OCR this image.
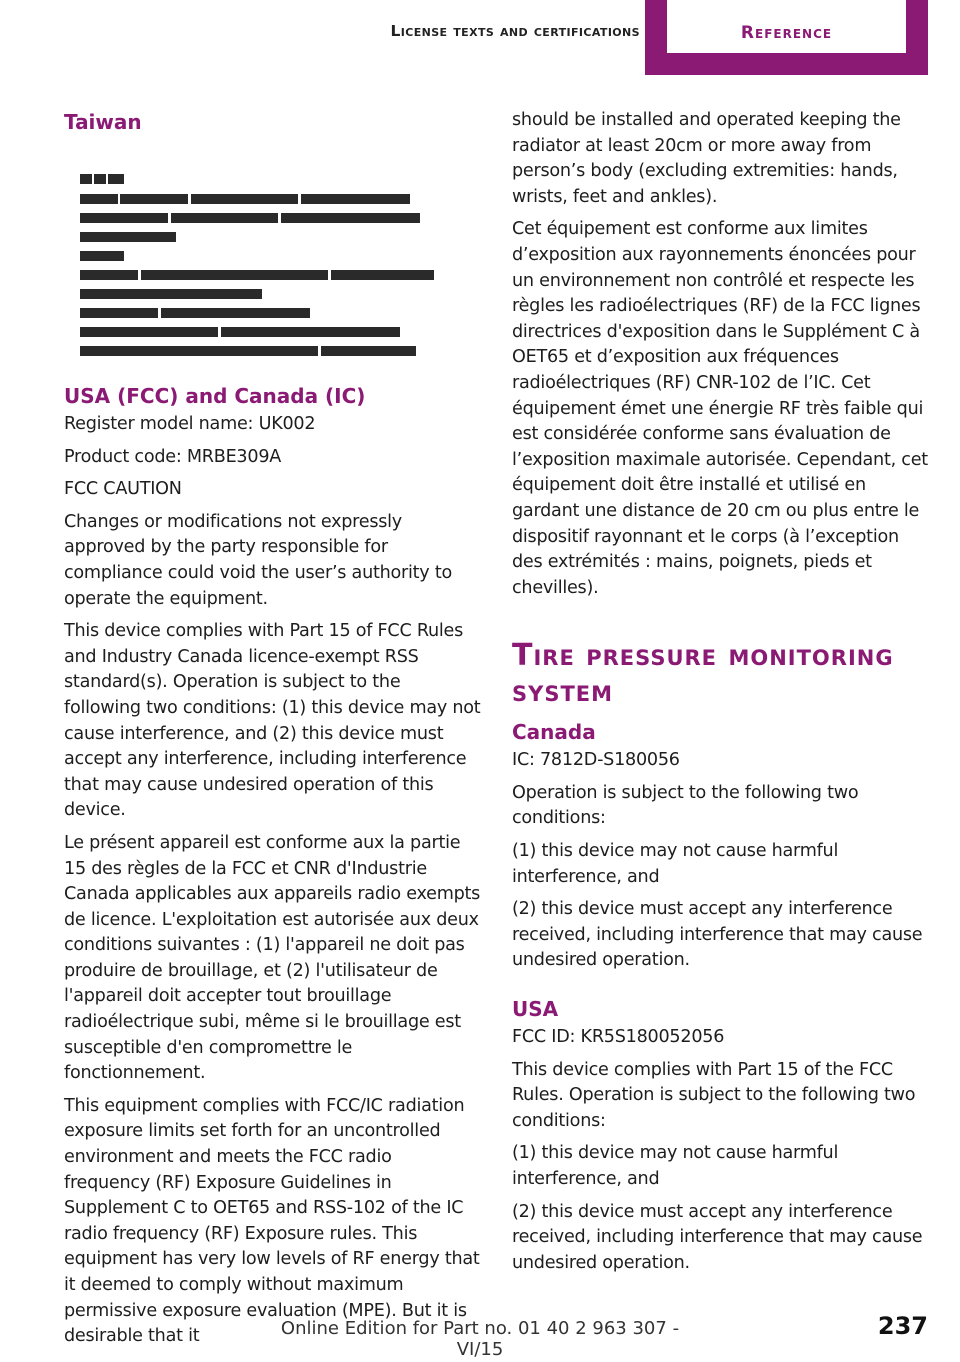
License texts and certifications	Reference
Taiwan
USA (FCC) and Canada (IC)

Register model name: UK002

Product code: MRBE309A

FCC CAUTION

Changes or modifications not expressly approved by the party responsible for compliance could void the user’s authority to operate the equipment.

This device complies with Part 15 of FCC Rules and Industry Canada licence-exempt RSS standard(s). Operation is subject to the following two conditions: (1) this device may not cause interference, and (2) this device must accept any interference, including interference that may cause undesired operation of this device.

Le présent appareil est conforme aux la partie 15 des règles de la FCC et CNR d'Industrie Canada applicables aux appareils radio exempts de licence. L'exploitation est autorisée aux deux conditions suivantes : (1) l'appareil ne doit pas produire de brouillage, et (2) l'utilisateur de l'appareil doit accepter tout brouillage radioélectrique subi, même si le brouillage est susceptible d'en compromettre le fonctionnement.

This equipment complies with FCC/IC radiation exposure limits set forth for an uncontrolled environment and meets the FCC radio frequency (RF) Exposure Guidelines in Supplement C to OET65 and RSS-102 of the IC radio frequency (RF) Exposure rules. This equipment has very low levels of RF energy that it deemed to comply without maximum permissive exposure evaluation (MPE). But it is desirable that it

should be installed and operated keeping the radiator at least 20cm or more away from person’s body (excluding extremities: hands, wrists, feet and ankles).

Cet équipement est conforme aux limites d’exposition aux rayonnements énoncées pour un environnement non contrôlé et respecte les règles les radioélectriques (RF) de la FCC lignes directrices d'exposition dans le Supplément C à OET65 et d’exposition aux fréquences radioélectriques (RF) CNR-102 de l’IC. Cet équipement émet une énergie RF très faible qui est considérée conforme sans évaluation de l’exposition maximale autorisée. Cependant, cet équipement doit être installé et utilisé en gardant une distance de 20 cm ou plus entre le dispositif rayonnant et le corps (à l’exception des extrémités : mains, poignets, pieds et chevilles).

Tire pressure monitoring system
Canada

IC: 7812D-S180056

Operation is subject to the following two conditions:

(1) this device may not cause harmful interference, and

(2) this device must accept any interference received, including interference that may cause undesired operation.

USA

FCC ID: KR5S180052056

This device complies with Part 15 of the FCC Rules. Operation is subject to the following two conditions:

(1) this device may not cause harmful interference, and

(2) this device must accept any interference received, including interference that may cause undesired operation.

Online Edition for Part no. 01 40 2 963 307 - VI/15
237
